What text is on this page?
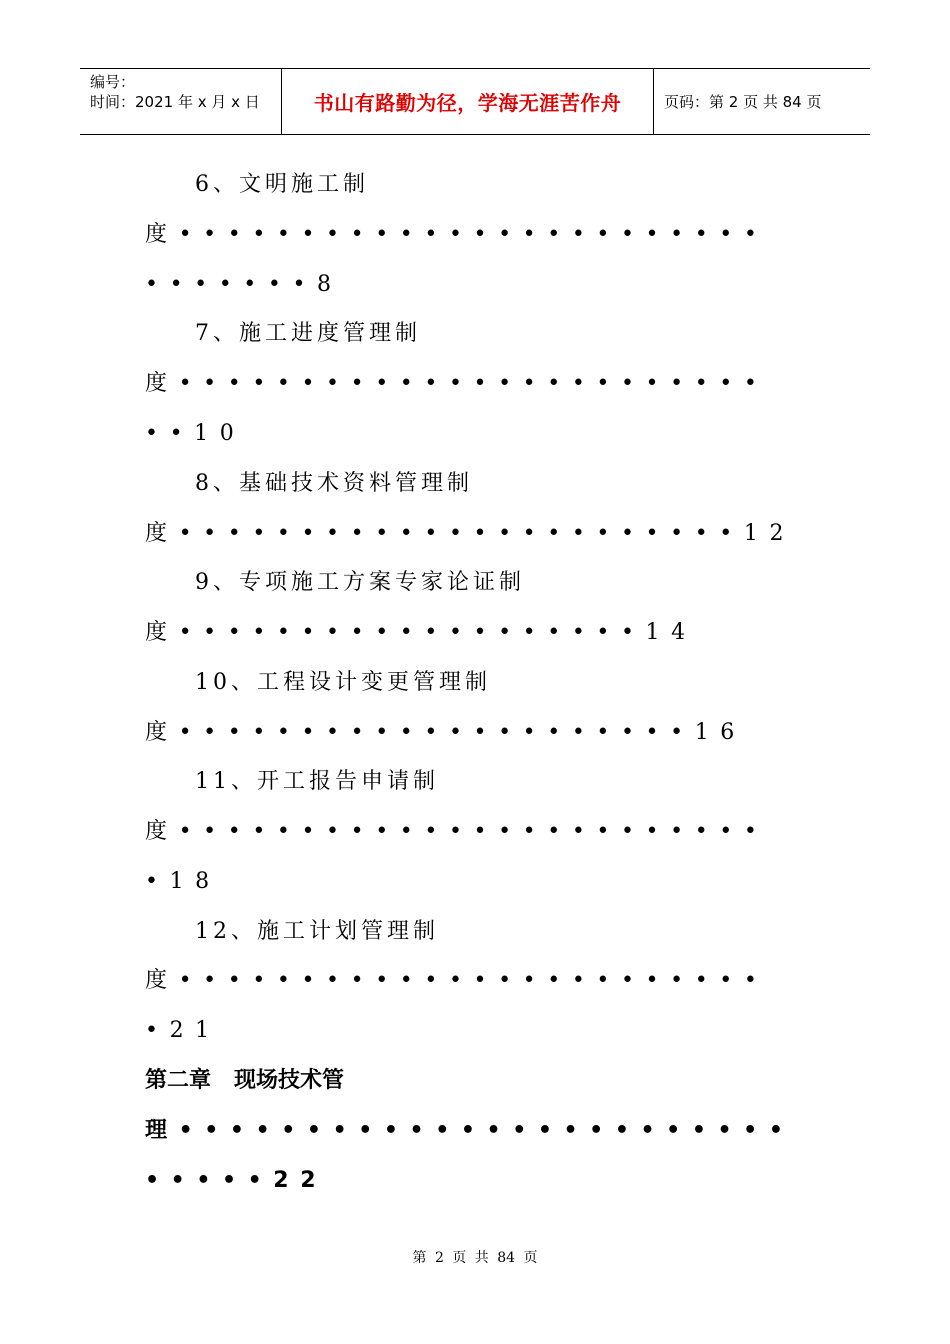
编号：
时间：2021 年 x 月 x 日	书山有路勤为径，学海无涯苦作舟	页码：第 2 页 共 84 页
6、文明施工制
度••••••••••••••••••••••••
•••••••8
7、施工进度管理制
度••••••••••••••••••••••••
••10
8、基础技术资料管理制
度•••••••••••••••••••••••12
9、专项施工方案专家论证制
度•••••••••••••••••••14
10、工程设计变更管理制
度•••••••••••••••••••••16
11、开工报告申请制
度••••••••••••••••••••••••
•18
12、施工计划管理制
度••••••••••••••••••••••••
•21
第二章   现场技术管
理••••••••••••••••••••••••
•••••22
第 2 页 共 84 页
